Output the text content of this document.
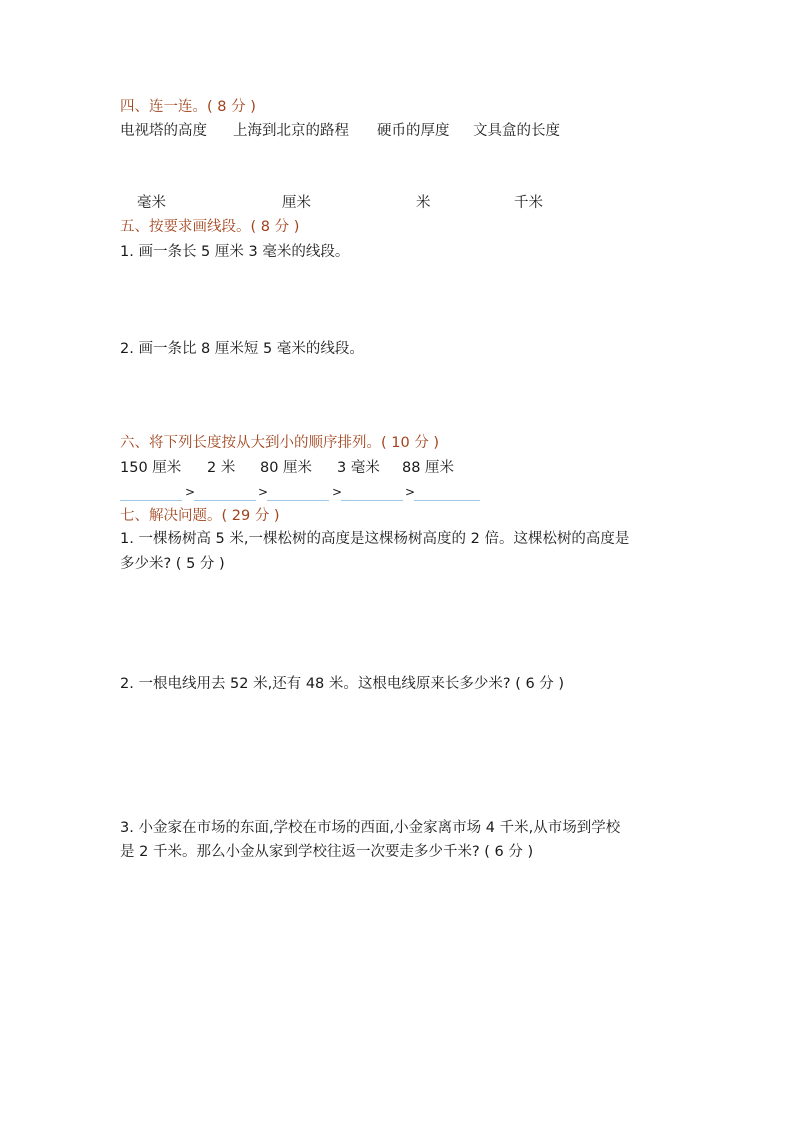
四、连一连。( 8 分 )
电视塔的高度 上海到北京的路程 硬币的厚度 文具盒的长度
毫米	厘米	米	千米
五、按要求画线段。( 8 分 )
1. 画一条长 5 厘米 3 毫米的线段。
2. 画一条比 8 厘米短 5 毫米的线段。
六、将下列长度按从大到小的顺序排列。( 10 分 )
150 厘米 2 米 80 厘米 3 毫米 88 厘米
>	>	>	>
七、解决问题。( 29 分 )
1. 一棵杨树高 5 米,一棵松树的高度是这棵杨树高度的 2 倍。这棵松树的高度是
多少米? ( 5 分 )
2. 一根电线用去 52 米,还有 48 米。这根电线原来长多少米? ( 6 分 )
3. 小金家在市场的东面,学校在市场的西面,小金家离市场 4 千米,从市场到学校
是 2 千米。那么小金从家到学校往返一次要走多少千米? ( 6 分 )
